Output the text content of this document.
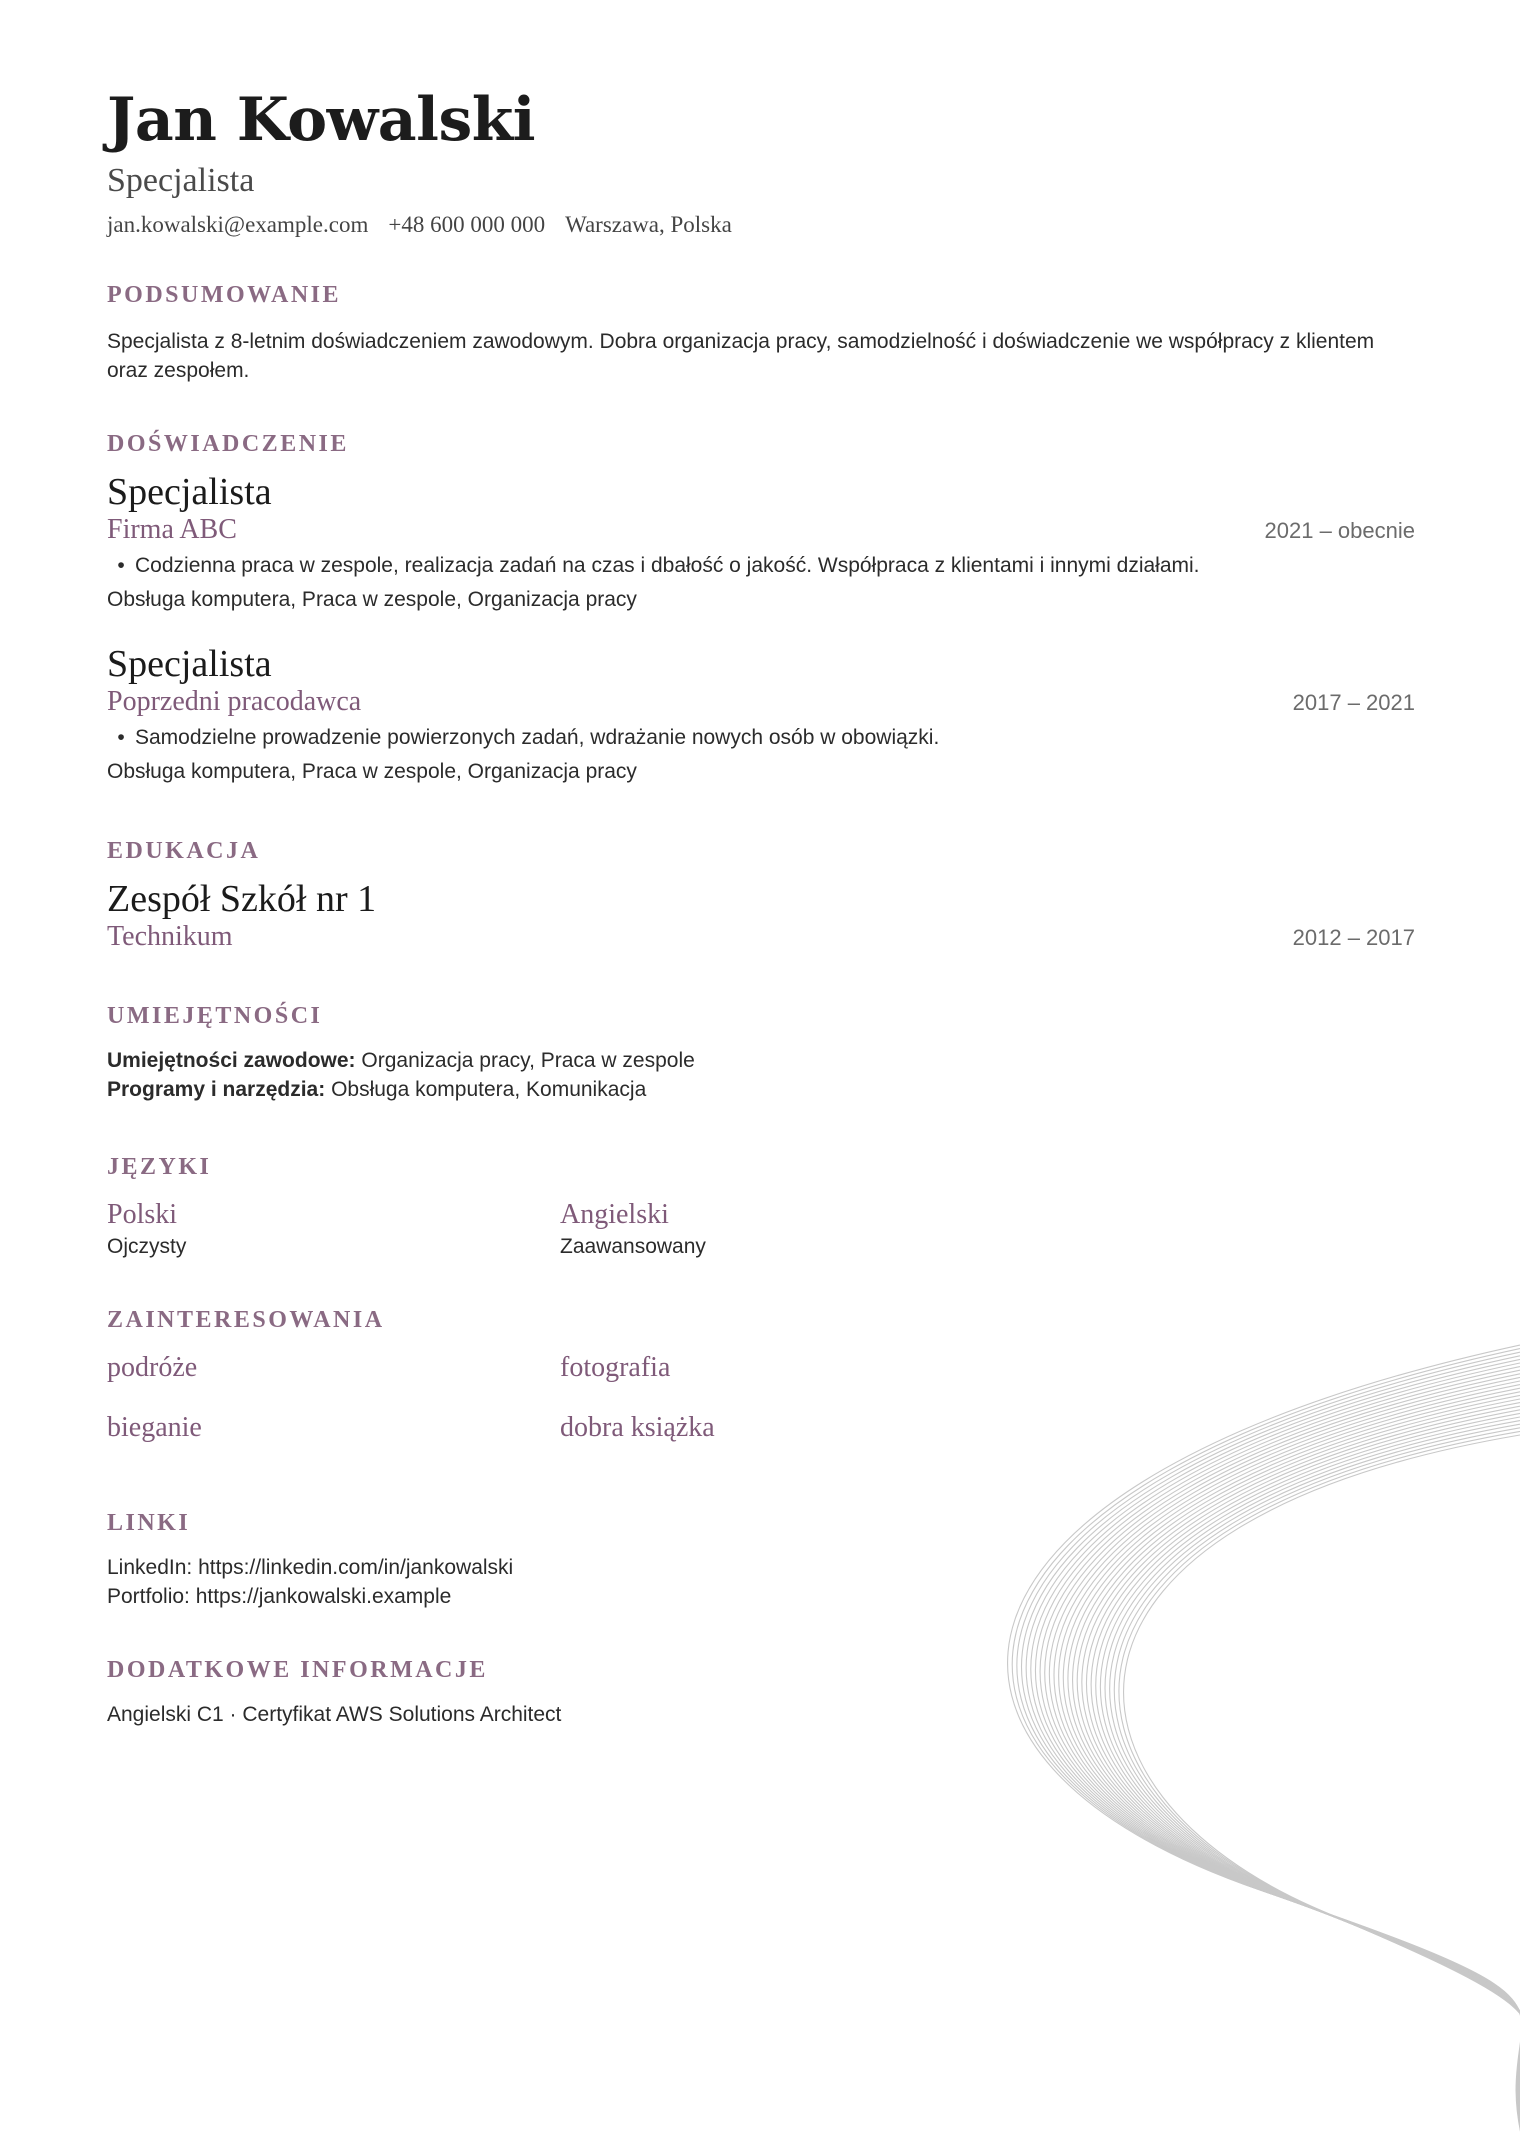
Jan Kowalski
Specjalista
jan.kowalski@example.com +48 600 000 000 Warszawa, Polska
PODSUMOWANIE
Specjalista z 8-letnim doświadczeniem zawodowym. Dobra organizacja pracy, samodzielność i doświadczenie we współpracy z klientem oraz zespołem.
DOŚWIADCZENIE
Specjalista
Firma ABC	2021 – obecnie
• Codzienna praca w zespole, realizacja zadań na czas i dbałość o jakość. Współpraca z klientami i innymi działami.
Obsługa komputera, Praca w zespole, Organizacja pracy
Specjalista
Poprzedni pracodawca	2017 – 2021
• Samodzielne prowadzenie powierzonych zadań, wdrażanie nowych osób w obowiązki.
Obsługa komputera, Praca w zespole, Organizacja pracy
EDUKACJA
Zespół Szkół nr 1
Technikum	2012 – 2017
UMIEJĘTNOŚCI
Umiejętności zawodowe: Organizacja pracy, Praca w zespole
Programy i narzędzia: Obsługa komputera, Komunikacja
JĘZYKI
Polski
Ojczysty
Angielski
Zaawansowany
ZAINTERESOWANIA
podróże	fotografia
bieganie	dobra książka
LINKI
LinkedIn: https://linkedin.com/in/jankowalski
Portfolio: https://jankowalski.example
DODATKOWE INFORMACJE
Angielski C1 · Certyfikat AWS Solutions Architect
